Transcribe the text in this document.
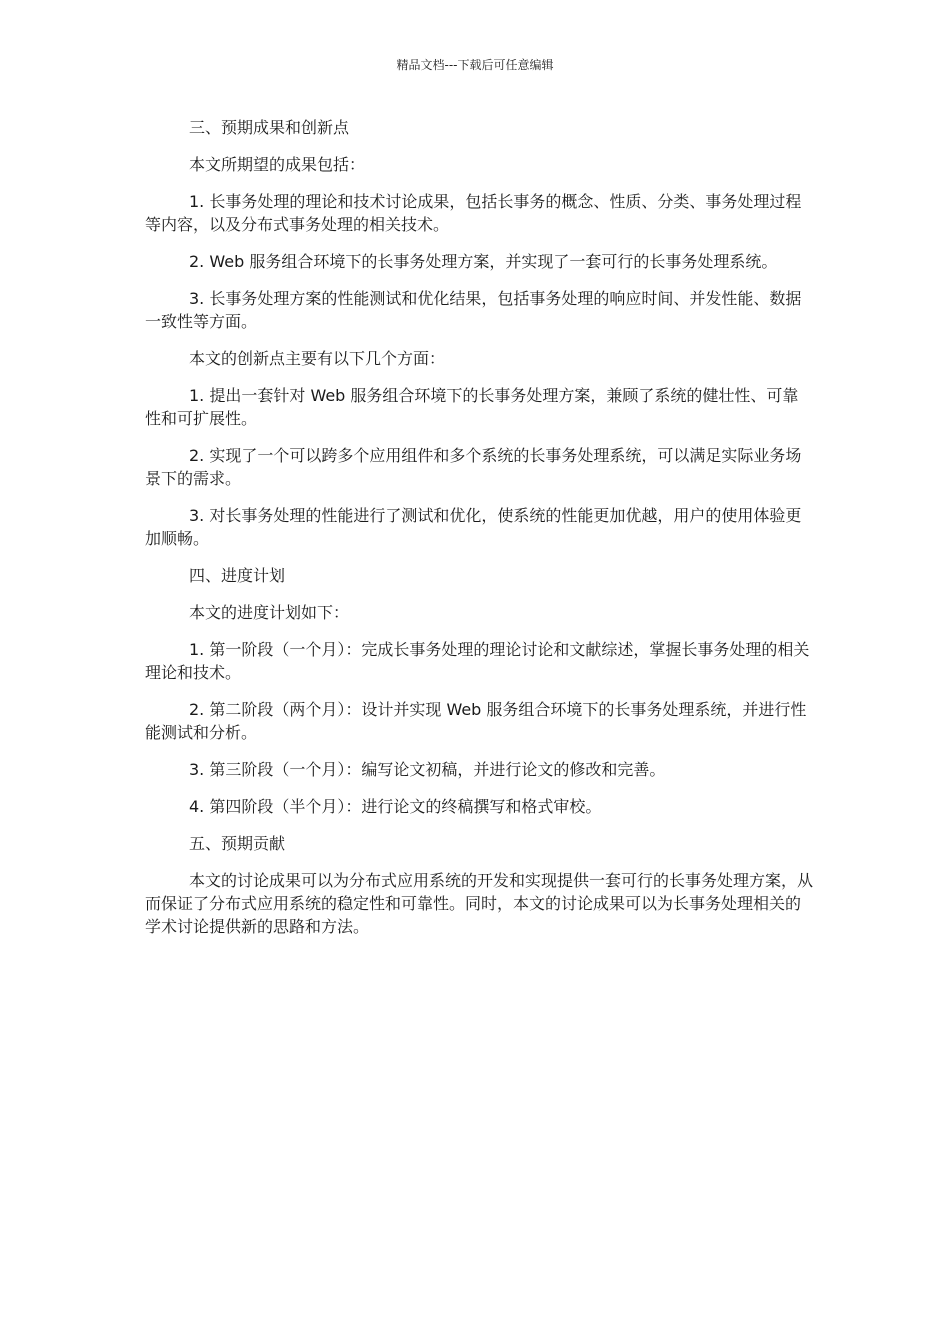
精品文档---下载后可任意编辑

三、预期成果和创新点

本文所期望的成果包括：

1. 长事务处理的理论和技术讨论成果，包括长事务的概念、性质、分类、事务处理过程等内容，以及分布式事务处理的相关技术。

2. Web 服务组合环境下的长事务处理方案，并实现了一套可行的长事务处理系统。

3. 长事务处理方案的性能测试和优化结果，包括事务处理的响应时间、并发性能、数据一致性等方面。

本文的创新点主要有以下几个方面：

1. 提出一套针对 Web 服务组合环境下的长事务处理方案，兼顾了系统的健壮性、可靠性和可扩展性。

2. 实现了一个可以跨多个应用组件和多个系统的长事务处理系统，可以满足实际业务场景下的需求。

3. 对长事务处理的性能进行了测试和优化，使系统的性能更加优越，用户的使用体验更加顺畅。

四、进度计划

本文的进度计划如下：

1. 第一阶段（一个月）：完成长事务处理的理论讨论和文献综述，掌握长事务处理的相关理论和技术。

2. 第二阶段（两个月）：设计并实现 Web 服务组合环境下的长事务处理系统，并进行性能测试和分析。

3. 第三阶段（一个月）：编写论文初稿，并进行论文的修改和完善。

4. 第四阶段（半个月）：进行论文的终稿撰写和格式审校。

五、预期贡献

本文的讨论成果可以为分布式应用系统的开发和实现提供一套可行的长事务处理方案，从而保证了分布式应用系统的稳定性和可靠性。同时，本文的讨论成果可以为长事务处理相关的学术讨论提供新的思路和方法。
